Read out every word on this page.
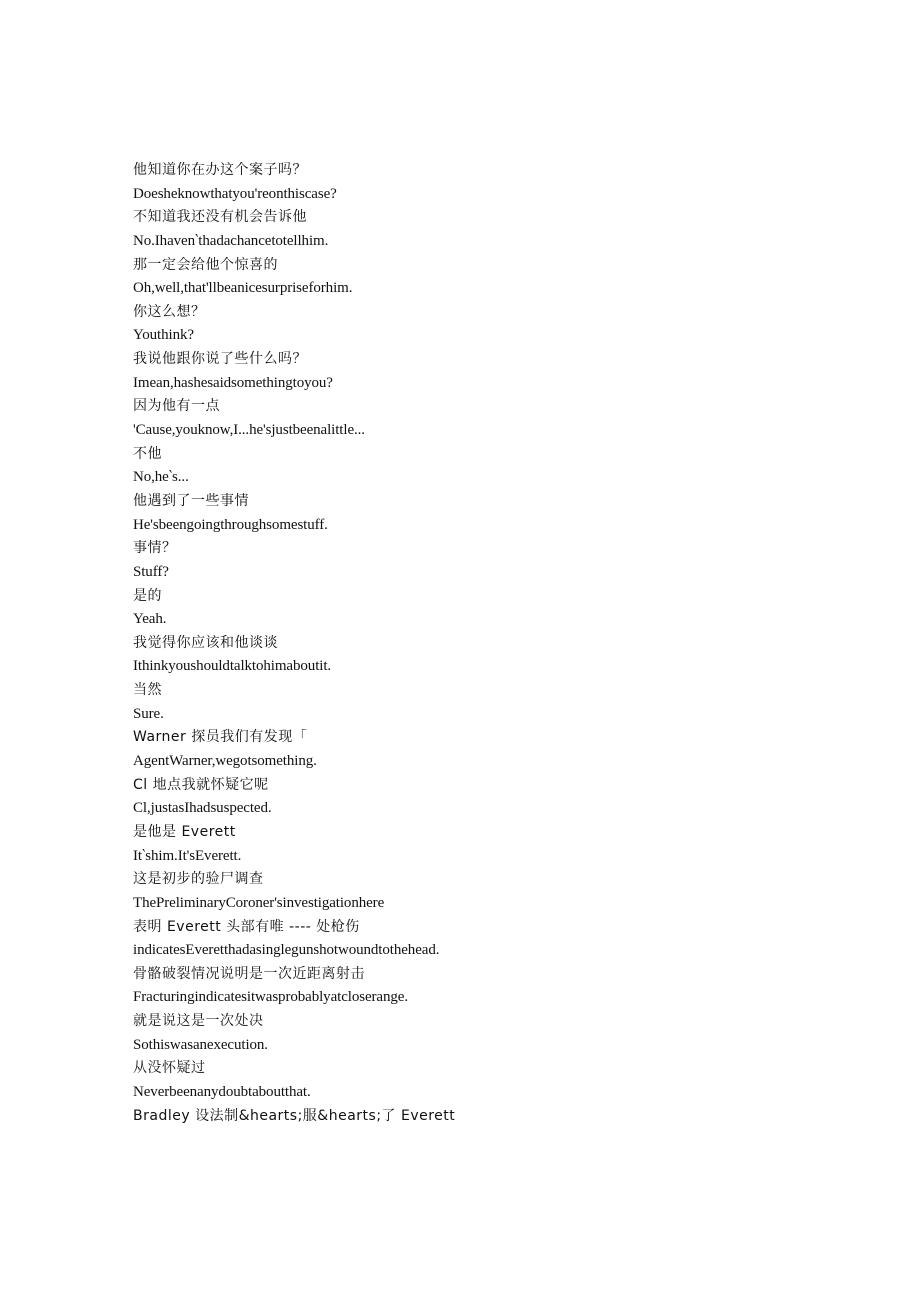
他知道你在办这个案子吗？
Doesheknowthatyou'reonthiscase?
不知道我还没有机会告诉他
No.Ihaven‵thadachancetotellhim.
那一定会给他个惊喜的
Oh,well,that'llbeanicesurpriseforhim.
你这么想？
Youthink?
我说他跟你说了些什么吗？
Imean,hashesaidsomethingtoyou?
因为他有一点
'Cause,youknow,I...he'sjustbeenalittle...
不他
No,he‵s...
他遇到了一些事情
He'sbeengoingthroughsomestuff.
事情？
Stuff?
是的
Yeah.
我觉得你应该和他谈谈
Ithinkyoushouldtalktohimaboutit.
当然
Sure.
Warner 探员我们有发现「
AgentWarner,wegotsomething.
Cl 地点我就怀疑它呢
Cl,justasIhadsuspected.
是他是 Everett
It‵shim.It'sEverett.
这是初步的验尸调查
ThePreliminaryCoroner'sinvestigationhere
表明 Everett 头部有唯 ---- 处枪伤
indicatesEveretthadasinglegunshotwoundtothehead.
骨骼破裂情况说明是一次近距离射击
Fracturingindicatesitwasprobablyatcloserange.
就是说这是一次处决
Sothiswasanexecution.
从没怀疑过
Neverbeenanydoubtaboutthat.
Bradley 设法制&hearts;服&hearts;了 Everett
